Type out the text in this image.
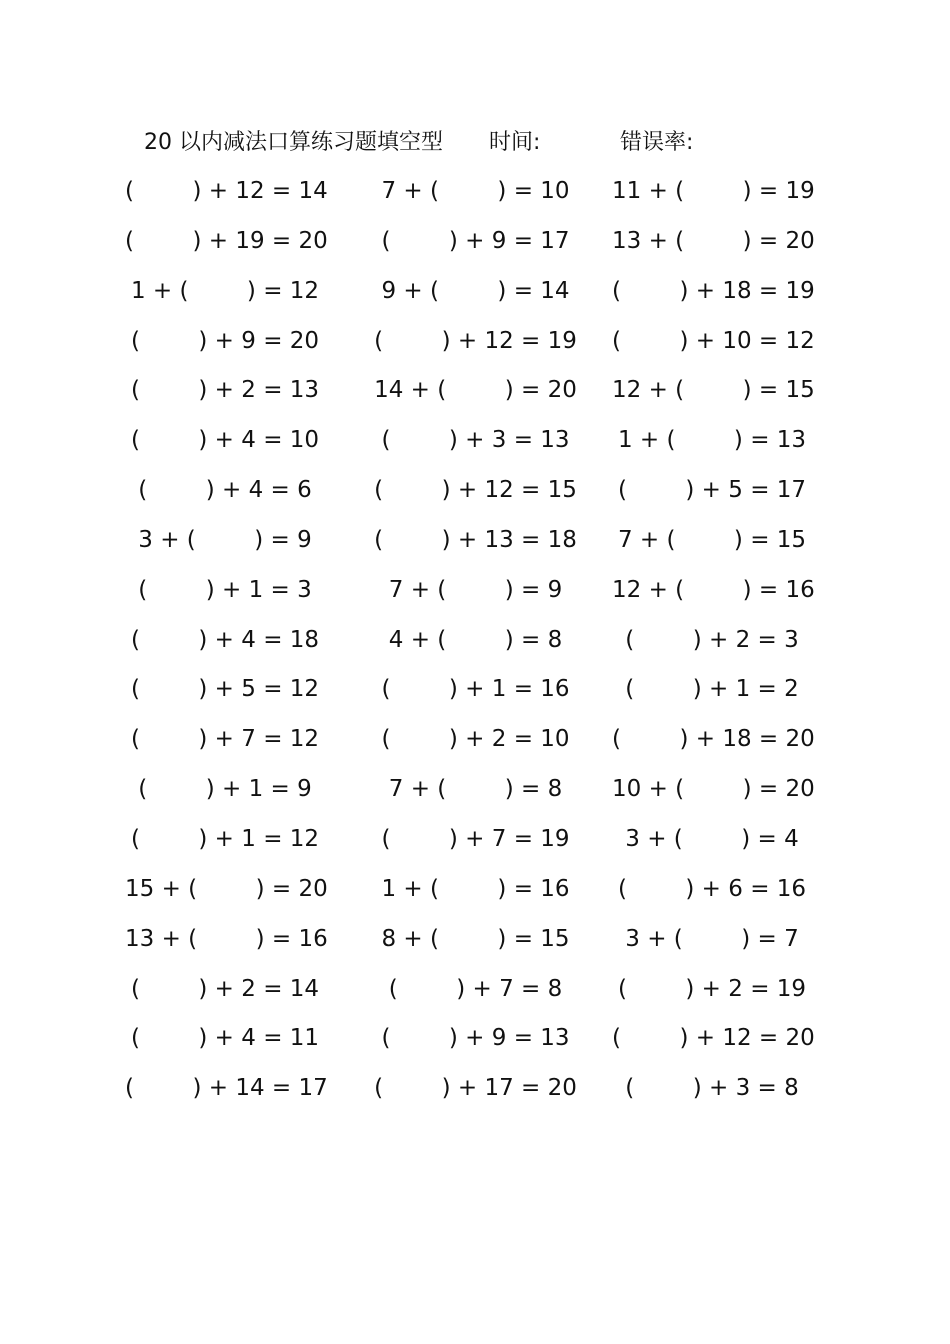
20 以内减法口算练习题填空型 时间:	错误率:
(        ) + 12 = 14	7 + (        ) = 10	11 + (        ) = 19
(        ) + 19 = 20	(        ) + 9 = 17	13 + (        ) = 20
1 + (        ) = 12	9 + (        ) = 14	(        ) + 18 = 19
(        ) + 9 = 20 (        ) + 12 = 19 (        ) + 10 = 12
(        ) + 2 = 13 14 + (        ) = 20 12 + (        ) = 15
(        ) + 4 = 10	(        ) + 3 = 13	1 + (        ) = 13
(        ) + 4 = 6	(        ) + 12 = 15 (        ) + 5 = 17
3 + (        ) = 9	(        ) + 13 = 18 7 + (        ) = 15
(        ) + 1 = 3	7 + (        ) = 9	12 + (        ) = 16
(        ) + 4 = 18	4 + (        ) = 8	(        ) + 2 = 3
(        ) + 5 = 12	(        ) + 1 = 16	(        ) + 1 = 2
(        ) + 7 = 12	(        ) + 2 = 10	(        ) + 18 = 20
(        ) + 1 = 9	7 + (        ) = 8	10 + (        ) = 20
(        ) + 1 = 12	(        ) + 7 = 19	3 + (        ) = 4
15 + (        ) = 20	1 + (        ) = 16	(        ) + 6 = 16
13 + (        ) = 16	8 + (        ) = 15	3 + (        ) = 7
(        ) + 2 = 14	(        ) + 7 = 8	(        ) + 2 = 19
(        ) + 4 = 11	(        ) + 9 = 13	(        ) + 12 = 20
(        ) + 14 = 17 (        ) + 17 = 20	(        ) + 3 = 8
